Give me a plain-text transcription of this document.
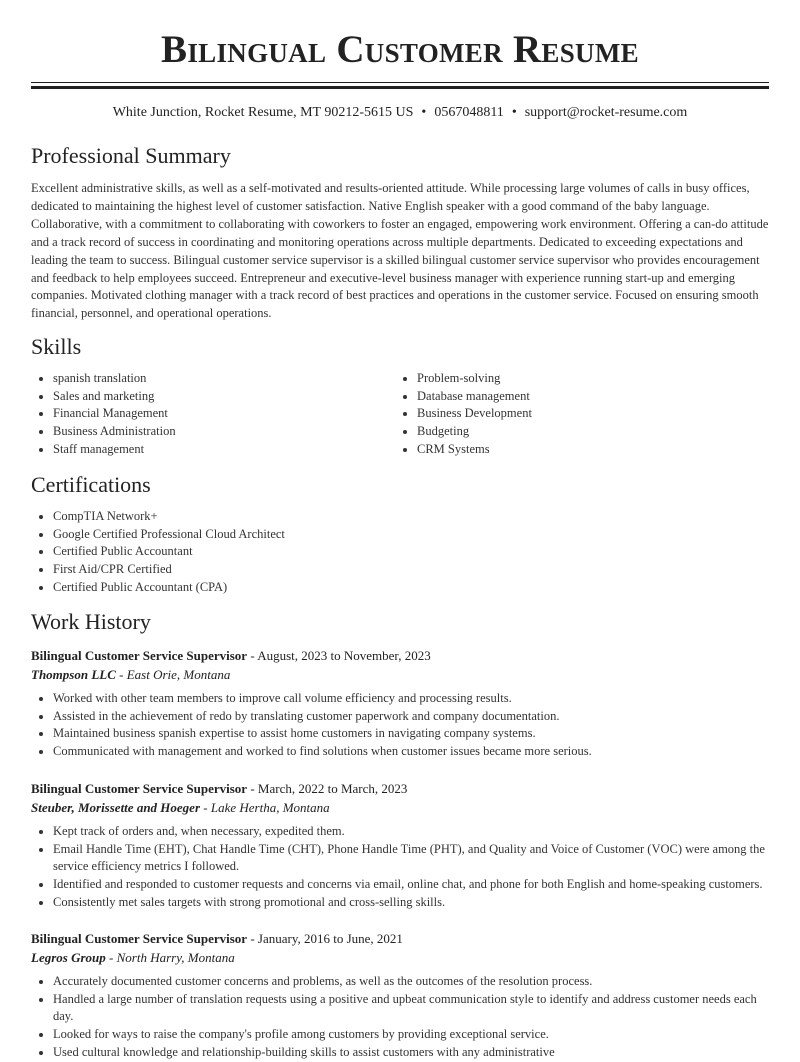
Bilingual Customer Resume
White Junction, Rocket Resume, MT 90212-5615 US • 0567048811 • support@rocket-resume.com
Professional Summary

Excellent administrative skills, as well as a self-motivated and results-oriented attitude. While processing large volumes of calls in busy offices, dedicated to maintaining the highest level of customer satisfaction. Native English speaker with a good command of the baby language. Collaborative, with a commitment to collaborating with coworkers to foster an engaged, empowering work environment. Offering a can-do attitude and a track record of success in coordinating and monitoring operations across multiple departments. Dedicated to exceeding expectations and leading the team to success. Bilingual customer service supervisor is a skilled bilingual customer service supervisor who provides encouragement and feedback to help employees succeed. Entrepreneur and executive-level business manager with experience running start-up and emerging companies. Motivated clothing manager with a track record of best practices and operations in the customer service. Focused on ensuring smooth financial, personnel, and operational operations.

Skills
• spanish translation
• Sales and marketing
• Financial Management
• Business Administration
• Staff management
• Problem-solving
• Database management
• Business Development
• Budgeting
• CRM Systems
Certifications
• CompTIA Network+
• Google Certified Professional Cloud Architect
• Certified Public Accountant
• First Aid/CPR Certified
• Certified Public Accountant (CPA)
Work History
Bilingual Customer Service Supervisor - August, 2023 to November, 2023
Thompson LLC - East Orie, Montana
• Worked with other team members to improve call volume efficiency and processing results.
• Assisted in the achievement of redo by translating customer paperwork and company documentation.
• Maintained business spanish expertise to assist home customers in navigating company systems.
• Communicated with management and worked to find solutions when customer issues became more serious.
Bilingual Customer Service Supervisor - March, 2022 to March, 2023
Steuber, Morissette and Hoeger - Lake Hertha, Montana
• Kept track of orders and, when necessary, expedited them.
• Email Handle Time (EHT), Chat Handle Time (CHT), Phone Handle Time (PHT), and Quality and Voice of Customer (VOC) were among the service efficiency metrics I followed.
• Identified and responded to customer requests and concerns via email, online chat, and phone for both English and home-speaking customers.
• Consistently met sales targets with strong promotional and cross-selling skills.
Bilingual Customer Service Supervisor - January, 2016 to June, 2021
Legros Group - North Harry, Montana
• Accurately documented customer concerns and problems, as well as the outcomes of the resolution process.
• Handled a large number of translation requests using a positive and upbeat communication style to identify and address customer needs each day.
• Looked for ways to raise the company's profile among customers by providing exceptional service.
• Used cultural knowledge and relationship-building skills to assist customers with any administrative
